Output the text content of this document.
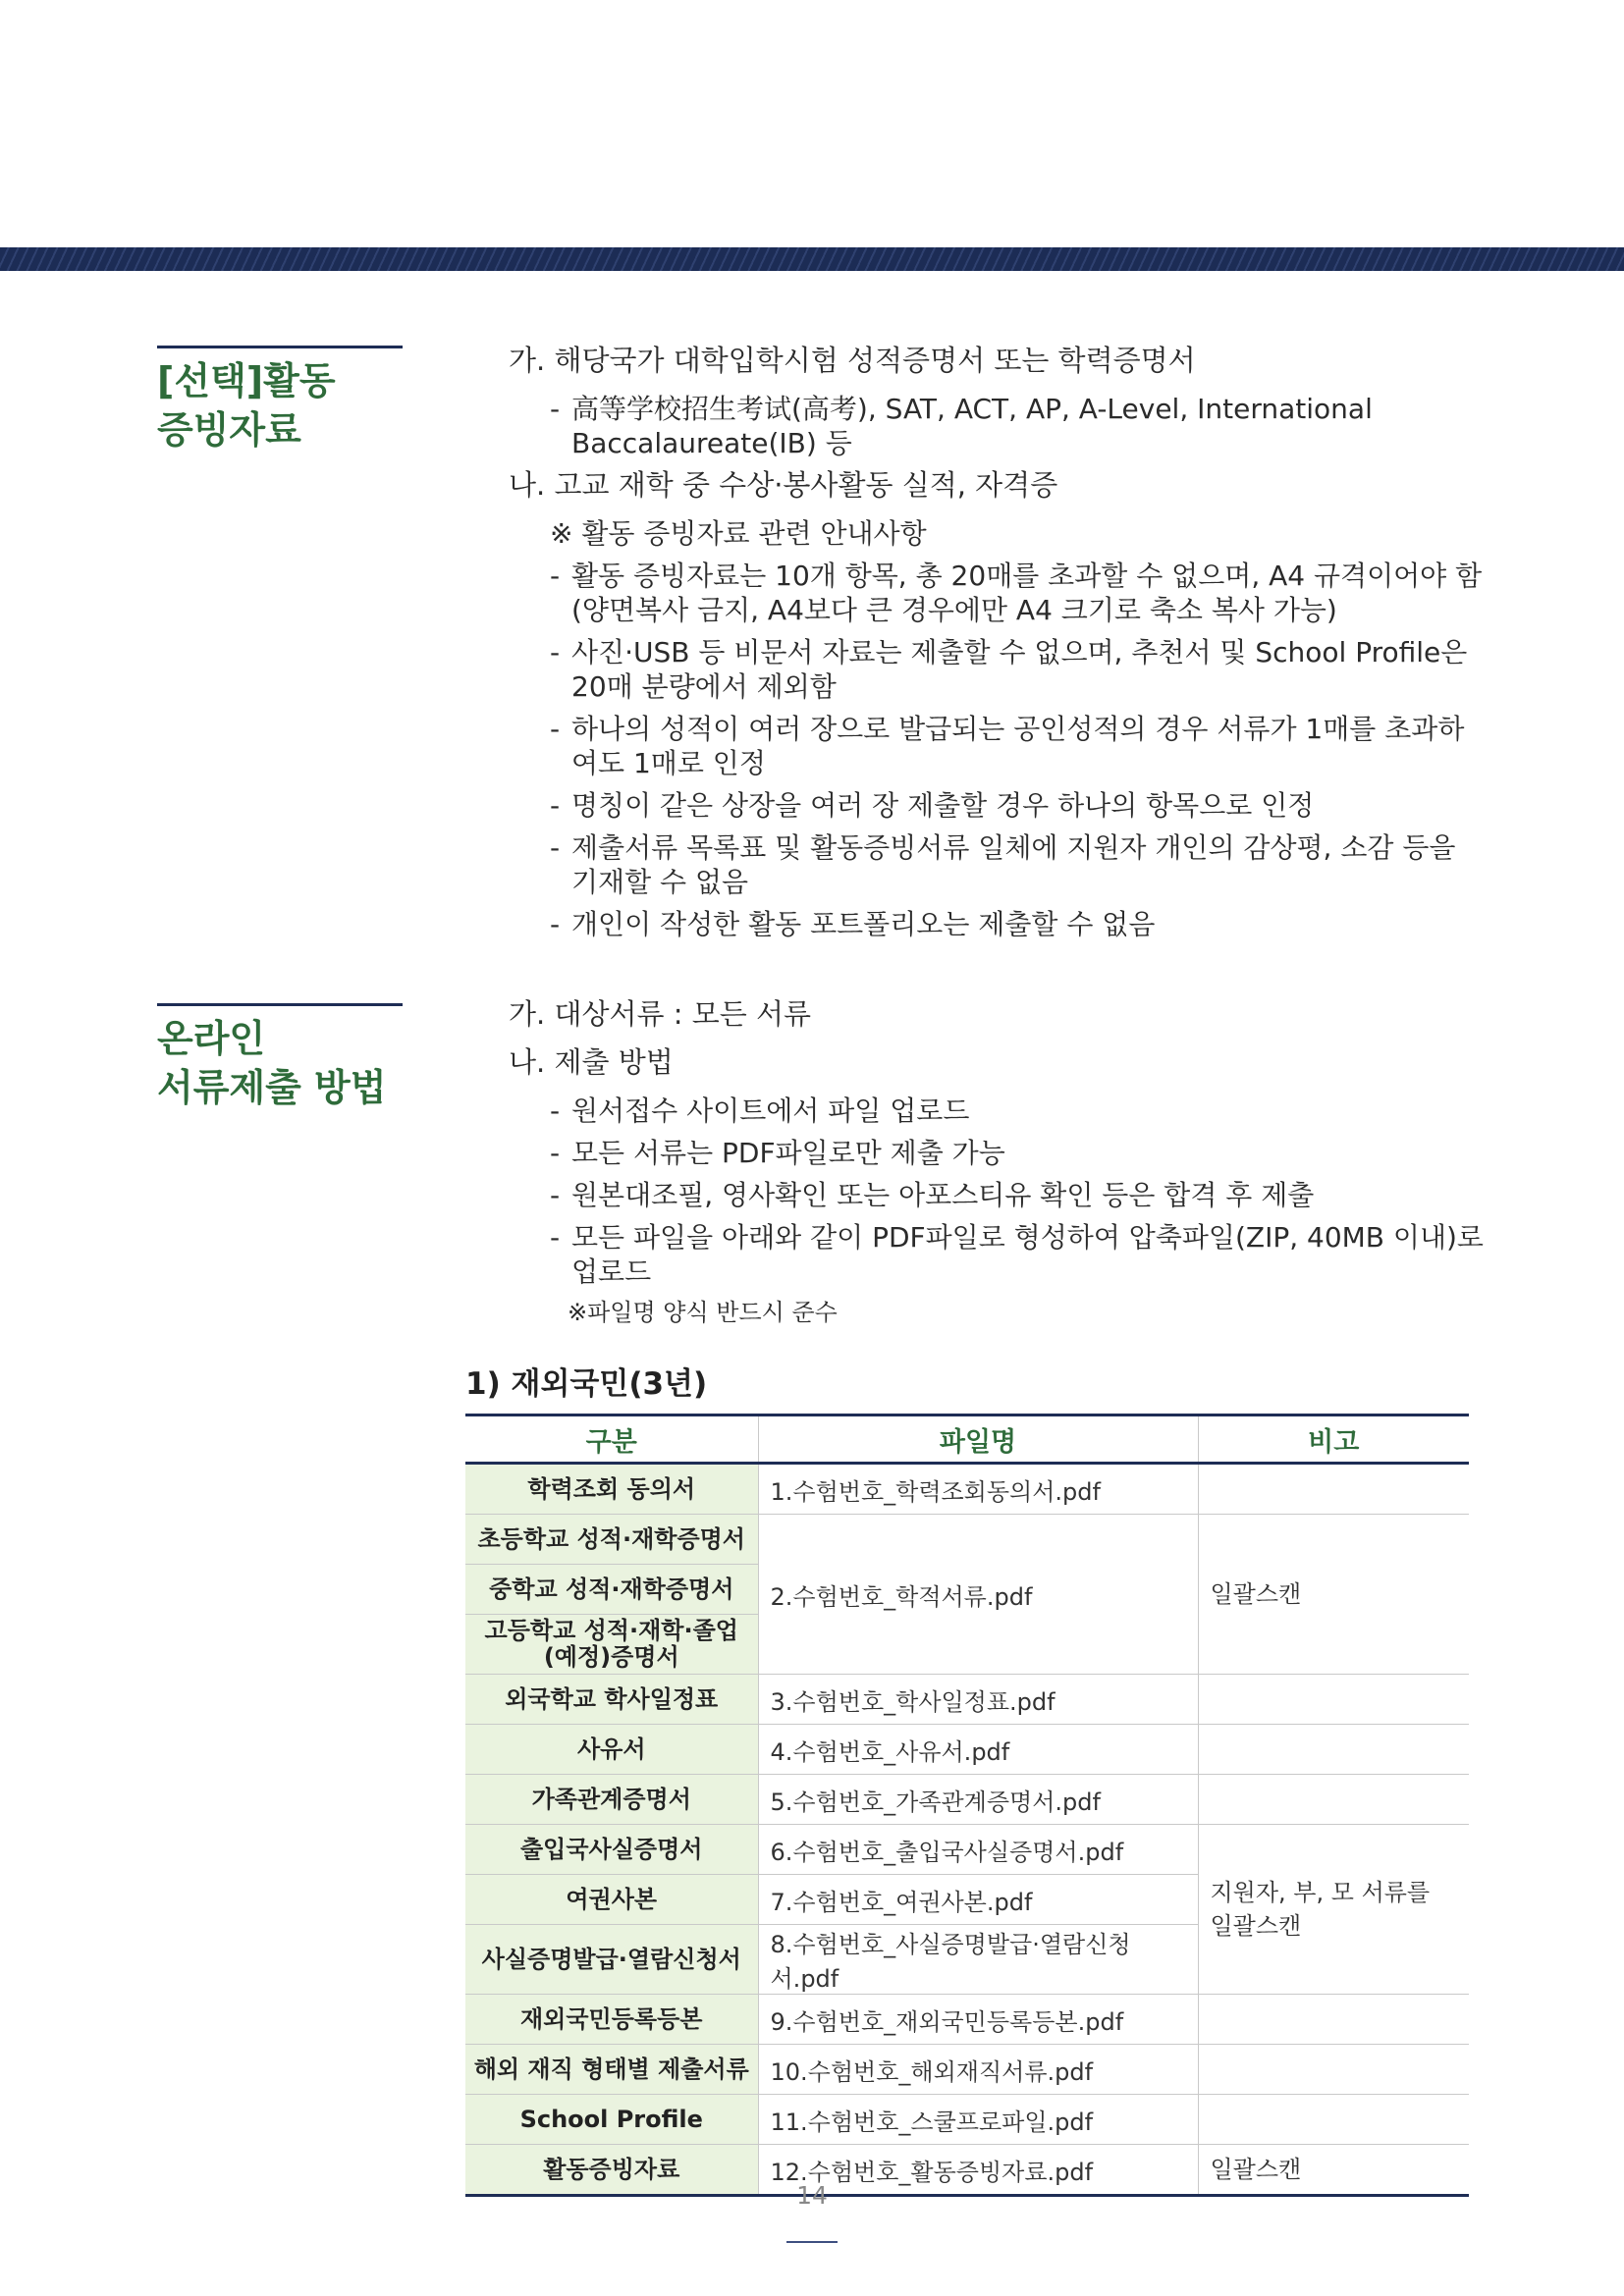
[선택]활동
증빙자료
가. 해당국가 대학입학시험 성적증명서 또는 학력증명서
- 高等学校招生考试(高考), SAT, ACT, AP, A-Level, International Baccalaureate(IB) 등
나. 고교 재학 중 수상·봉사활동 실적, 자격증
※ 활동 증빙자료 관련 안내사항
- 활동 증빙자료는 10개 항목, 총 20매를 초과할 수 없으며, A4 규격이어야 함 (양면복사 금지, A4보다 큰 경우에만 A4 크기로 축소 복사 가능)
- 사진·USB 등 비문서 자료는 제출할 수 없으며, 추천서 및 School Profile은 20매 분량에서 제외함
- 하나의 성적이 여러 장으로 발급되는 공인성적의 경우 서류가 1매를 초과하여도 1매로 인정
- 명칭이 같은 상장을 여러 장 제출할 경우 하나의 항목으로 인정
- 제출서류 목록표 및 활동증빙서류 일체에 지원자 개인의 감상평, 소감 등을 기재할 수 없음
- 개인이 작성한 활동 포트폴리오는 제출할 수 없음
온라인
서류제출 방법
가. 대상서류 : 모든 서류
나. 제출 방법
- 원서접수 사이트에서 파일 업로드
- 모든 서류는 PDF파일로만 제출 가능
- 원본대조필, 영사확인 또는 아포스티유 확인 등은 합격 후 제출
- 모든 파일을 아래와 같이 PDF파일로 형성하여 압축파일(ZIP, 40MB 이내)로 업로드
※파일명 양식 반드시 준수
1) 재외국민(3년)
구분	파일명	비고
학력조회 동의서	1.수험번호_학력조회동의서.pdf	
초등학교 성적·재학증명서	2.수험번호_학적서류.pdf	일괄스캔
중학교 성적·재학증명서		
고등학교 성적·재학·졸업(예정)증명서		
외국학교 학사일정표	3.수험번호_학사일정표.pdf	
사유서	4.수험번호_사유서.pdf	
가족관계증명서	5.수험번호_가족관계증명서.pdf	
출입국사실증명서	6.수험번호_출입국사실증명서.pdf	지원자, 부, 모 서류를 일괄스캔
여권사본	7.수험번호_여권사본.pdf	
사실증명발급·열람신청서	8.수험번호_사실증명발급·열람신청서.pdf	
재외국민등록등본	9.수험번호_재외국민등록등본.pdf	
해외 재직 형태별 제출서류	10.수험번호_해외재직서류.pdf	
School Profile	11.수험번호_스쿨프로파일.pdf	
활동증빙자료	12.수험번호_활동증빙자료.pdf	일괄스캔
14
